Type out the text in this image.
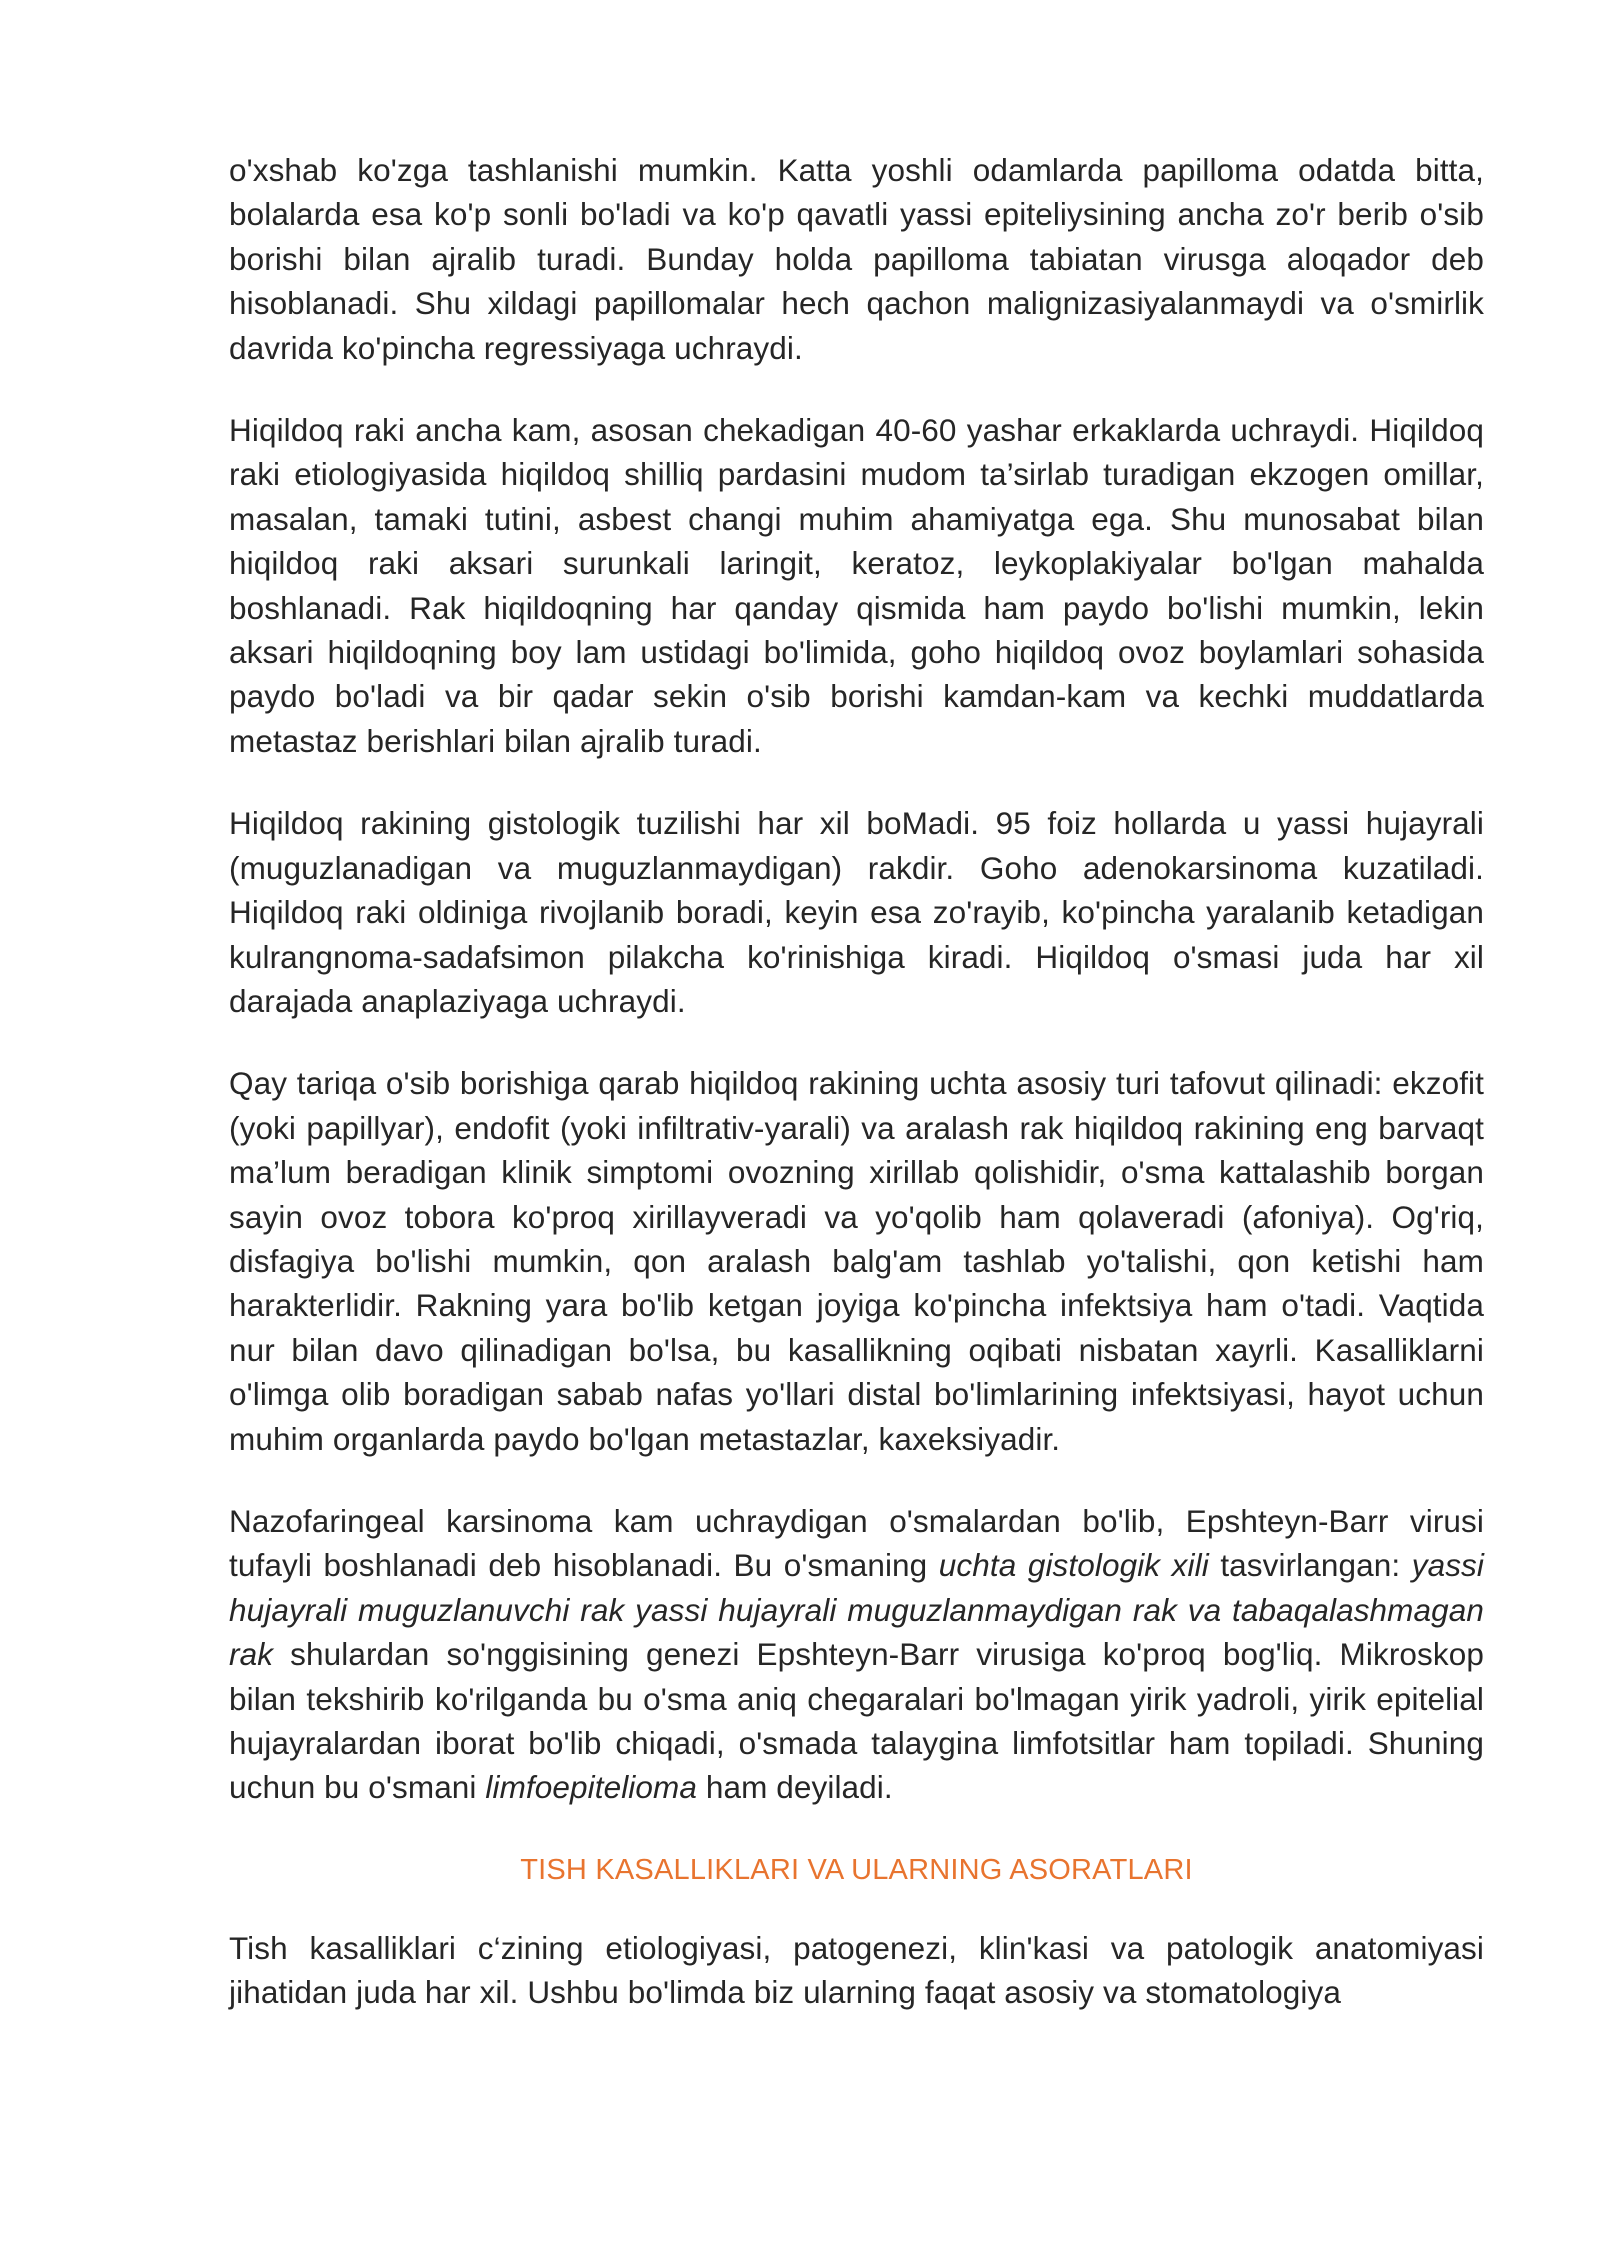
o'xshab ko'zga tashlanishi mumkin. Katta yoshli odamlarda papilloma odatda bitta, bolalarda esa ko'p sonli bo'ladi va ko'p qavatli yassi epiteliysining ancha zo'r berib o'sib borishi bilan ajralib turadi. Bunday holda papilloma tabiatan virusga aloqador deb hisoblanadi. Shu xildagi papillomalar hech qachon malignizasiyalanmaydi va o'smirlik davrida ko'pincha regressiyaga uchraydi.

Hiqildoq raki ancha kam, asosan chekadigan 40-60 yashar erkaklarda uchraydi. Hiqildoq raki etiologiyasida hiqildoq shilliq pardasini mudom ta’sirlab turadigan ekzogen omillar, masalan, tamaki tutini, asbest changi muhim ahamiyatga ega. Shu munosabat bilan hiqildoq raki aksari surunkali laringit, keratoz, leykoplakiyalar bo'lgan mahalda boshlanadi. Rak hiqildoqning har qanday qismida ham paydo bo'lishi mumkin, lekin aksari hiqildoqning boy lam ustidagi bo'limida, goho hiqildoq ovoz boylamlari sohasida paydo bo'ladi va bir qadar sekin o'sib borishi kamdan-kam va kechki muddatlarda metastaz berishlari bilan ajralib turadi.

Hiqildoq rakining gistologik tuzilishi har xil boMadi. 95 foiz hollarda u yassi hujayrali (muguzlanadigan va muguzlanmaydigan) rakdir. Goho adenokarsinoma kuzatiladi. Hiqildoq raki oldiniga rivojlanib boradi, keyin esa zo'rayib, ko'pincha yaralanib ketadigan kulrangnoma-sadafsimon pilakcha ko'rinishiga kiradi. Hiqildoq o'smasi juda har xil darajada anaplaziyaga uchraydi.

Qay tariqa o'sib borishiga qarab hiqildoq rakining uchta asosiy turi tafovut qilinadi: ekzofit (yoki papillyar), endofit (yoki infiltrativ-yarali) va aralash rak hiqildoq rakining eng barvaqt ma’lum beradigan klinik simptomi ovozning xirillab qolishidir, o'sma kattalashib borgan sayin ovoz tobora ko'proq xirillayveradi va yo'qolib ham qolaveradi (afoniya). Og'riq, disfagiya bo'lishi mumkin, qon aralash balg'am tashlab yo'talishi, qon ketishi ham harakterlidir. Rakning yara bo'lib ketgan joyiga ko'pincha infektsiya ham o'tadi. Vaqtida nur bilan davo qilinadigan bo'lsa, bu kasallikning oqibati nisbatan xayrli. Kasalliklarni o'limga olib boradigan sabab nafas yo'llari distal bo'limlarining infektsiyasi, hayot uchun muhim organlarda paydo bo'lgan metastazlar, kaxeksiyadir.

Nazofaringeal karsinoma kam uchraydigan o'smalardan bo'lib, Epshteyn-Barr virusi tufayli boshlanadi deb hisoblanadi. Bu o'smaning uchta gistologik xili tasvirlangan: yassi hujayrali muguzlanuvchi rak yassi hujayrali muguzlanmaydigan rak va tabaqalashmagan rak shulardan so'nggisining genezi Epshteyn-Barr virusiga ko'proq bog'liq. Mikroskop bilan tekshirib ko'rilganda bu o'sma aniq chegaralari bo'lmagan yirik yadroli, yirik epitelial hujayralardan iborat bo'lib chiqadi, o'smada talaygina limfotsitlar ham topiladi. Shuning uchun bu o'smani limfoepitelioma ham deyiladi.

TISH KASALLIKLARI VA ULARNING ASORATLARI

Tish kasalliklari c‘zining etiologiyasi, patogenezi, klin'kasi va patologik anatomiyasi jihatidan juda har xil. Ushbu bo'limda biz ularning faqat asosiy va stomatologiya
